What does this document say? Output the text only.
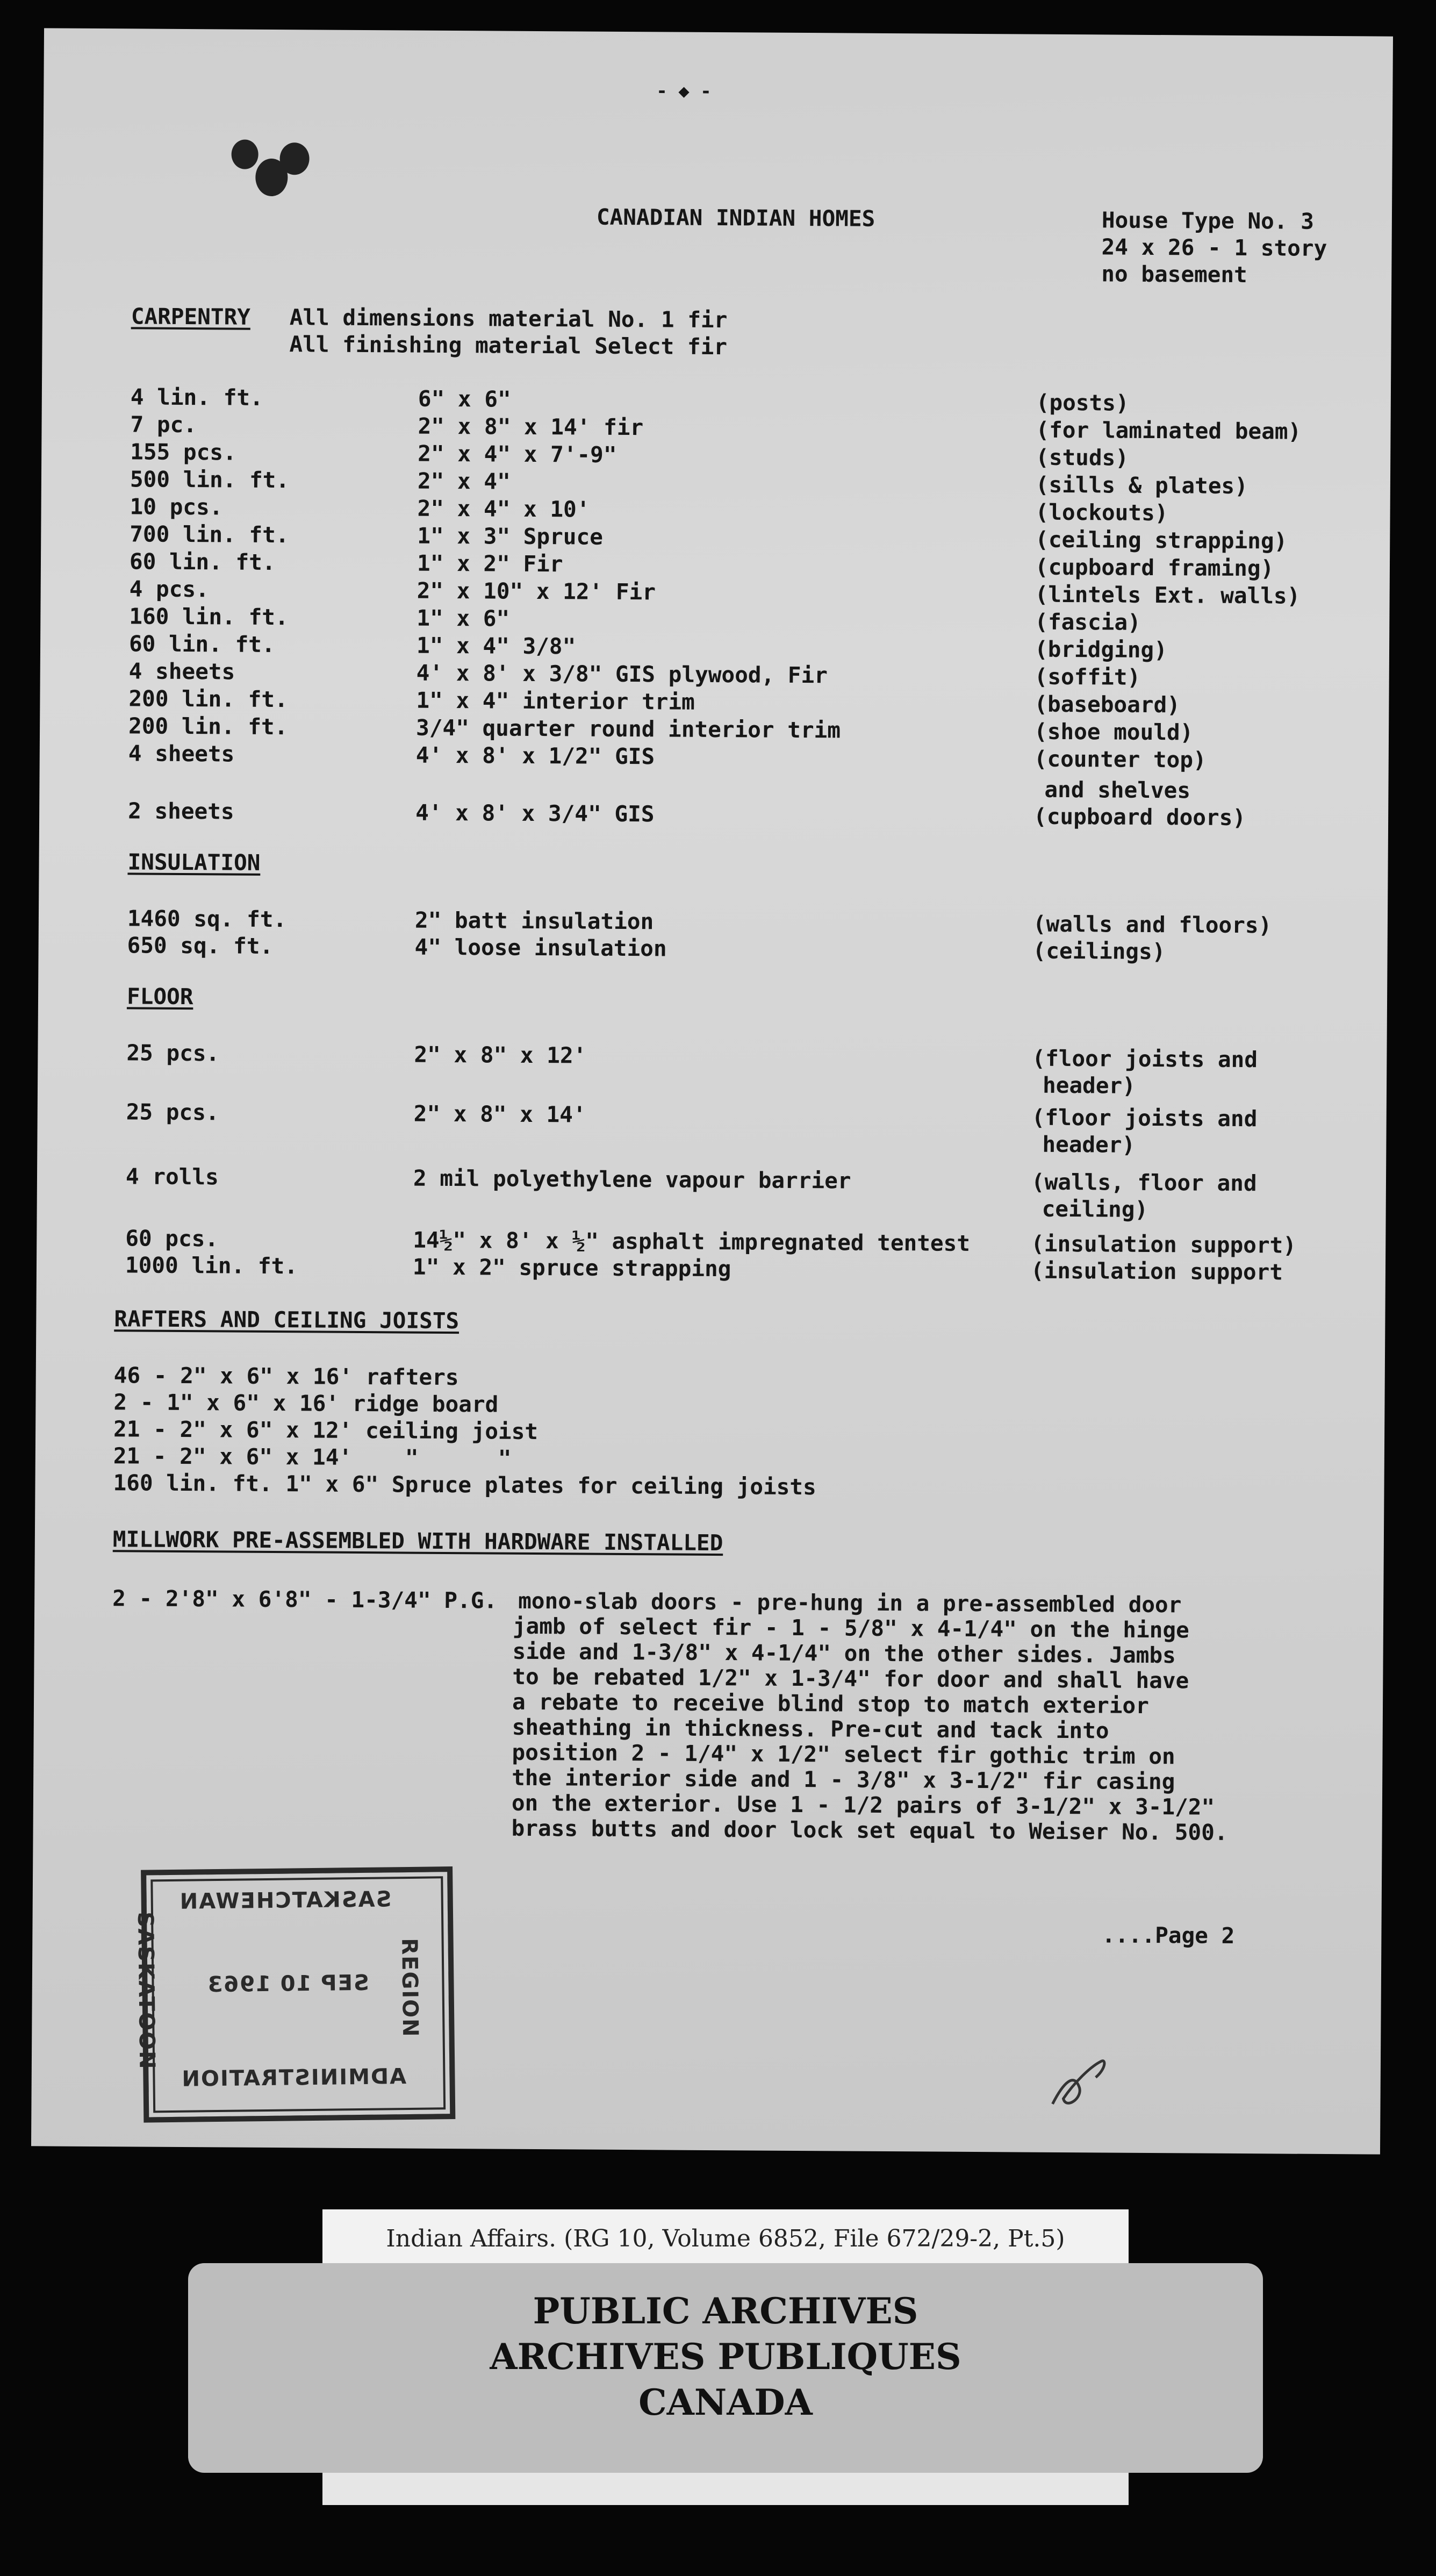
- ◆ -
CANADIAN INDIAN HOMES	House Type No. 3
24 x 26 - 1 story
no basement
CARPENTRY All dimensions material No. 1 fir
All finishing material Select fir
4 lin. ft.	6" x 6"	(posts)
7 pc.	2" x 8" x 14' fir	(for laminated beam)
155 pcs.	2" x 4" x 7'-9"	(studs)
500 lin. ft.	2" x 4"	(sills & plates)
10 pcs.	2" x 4" x 10'	(lockouts)
700 lin. ft.	1" x 3" Spruce	(ceiling strapping)
60 lin. ft.	1" x 2" Fir	(cupboard framing)
4 pcs.	2" x 10" x 12' Fir	(lintels Ext. walls)
160 lin. ft.	1" x 6"	(fascia)
60 lin. ft.	1" x 4" 3/8"	(bridging)
4 sheets	4' x 8' x 3/8" GIS plywood, Fir	(soffit)
200 lin. ft.	1" x 4" interior trim	(baseboard)
200 lin. ft.	3/4" quarter round interior trim	(shoe mould)
4 sheets	4' x 8' x 1/2" GIS	(counter top)
and shelves
2 sheets	4' x 8' x 3/4" GIS	(cupboard doors)
INSULATION
1460 sq. ft.	2" batt insulation	(walls and floors)
650 sq. ft.	4" loose insulation	(ceilings)
FLOOR
25 pcs.	2" x 8" x 12'	(floor joists and
header)
25 pcs.	2" x 8" x 14'	(floor joists and
header)
4 rolls	2 mil polyethylene vapour barrier	(walls, floor and
ceiling)
60 pcs.	14½" x 8' x ½" asphalt impregnated tentest	(insulation support)
1000 lin. ft.	1" x 2" spruce strapping	(insulation support
RAFTERS AND CEILING JOISTS
46 - 2" x 6" x 16' rafters
2 - 1" x 6" x 16' ridge board
21 - 2" x 6" x 12' ceiling joist
21 - 2" x 6" x 14'    "      "
160 lin. ft. 1" x 6" Spruce plates for ceiling joists
MILLWORK PRE-ASSEMBLED WITH HARDWARE INSTALLED
2 - 2'8" x 6'8" - 1-3/4" P.G. mono-slab doors - pre-hung in a pre-assembled door
jamb of select fir - 1 - 5/8" x 4-1/4" on the hinge
side and 1-3/8" x 4-1/4" on the other sides. Jambs
to be rebated 1/2" x 1-3/4" for door and shall have
a rebate to receive blind stop to match exterior
sheathing in thickness. Pre-cut and tack into
position 2 - 1/4" x 1/2" select fir gothic trim on
the interior side and 1 - 3/8" x 3-1/2" fir casing
on the exterior. Use 1 - 1/2 pairs of 3-1/2" x 3-1/2"
brass butts and door lock set equal to Weiser No. 500.
....Page 2
SASKATCHEWAN
SASKATOON	REGION
SEP 10 1963
ADMINISTRATION
Indian Affairs. (RG 10, Volume 6852, File 672/29-2, Pt.5)
PUBLIC ARCHIVES
ARCHIVES PUBLIQUES
CANADA
